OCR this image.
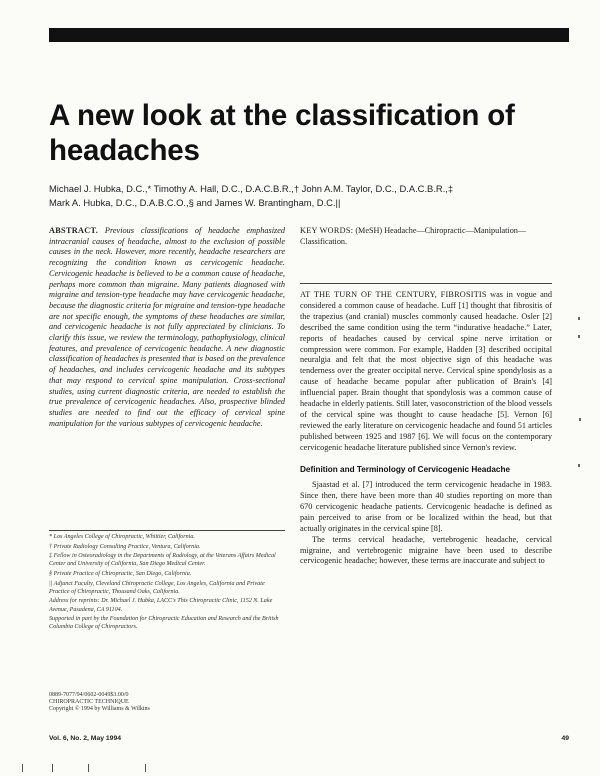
A new look at the classification of headaches
Michael J. Hubka, D.C.,* Timothy A. Hall, D.C., D.A.C.B.R.,† John A.M. Taylor, D.C., D.A.C.B.R.,‡
Mark A. Hubka, D.C., D.A.B.C.O.,§ and James W. Brantingham, D.C.||

ABSTRACT. Previous classifications of headache emphasized intracranial causes of headache, almost to the exclusion of possible causes in the neck. However, more recently, headache researchers are recognizing the condition known as cervicogenic headache. Cervicogenic headache is believed to be a common cause of headache, perhaps more common than migraine. Many patients diagnosed with migraine and tension-type headache may have cervicogenic headache, because the diagnostic criteria for migraine and tension-type headache are not specific enough, the symptoms of these headaches are similar, and cervicogenic headache is not fully appreciated by clinicians. To clarify this issue, we review the terminology, pathophysiology, clinical features, and prevalence of cervicogenic headache. A new diagnostic classification of headaches is presented that is based on the prevalence of headaches, and includes cervicogenic headache and its subtypes that may respond to cervical spine manipulation. Cross-sectional studies, using current diagnostic criteria, are needed to establish the true prevalence of cervicogenic headaches. Also, prospective blinded studies are needed to find out the efficacy of cervical spine manipulation for the various subtypes of cervicogenic headache.

* Los Angeles College of Chiropractic, Whittier, California.

† Private Radiology Consulting Practice, Ventura, California.

‡ Fellow in Osteoradiology in the Departments of Radiology, at the Veterans Affairs Medical Center and University of California, San Diego Medical Center.

§ Private Practice of Chiropractic, San Diego, California.

|| Adjunct Faculty, Cleveland Chiropractic College, Los Angeles, California and Private Practice of Chiropractic, Thousand Oaks, California.

Address for reprints: Dr. Michael J. Hubka, LACC's This Chiropractic Clinic, 1152 N. Lake Avenue, Pasadena, CA 91104.

Supported in part by the Foundation for Chiropractic Education and Research and the British Columbia College of Chiropractors.

0889-7077/94/0602-0049$3.00/0
CHIROPRACTIC TECHNIQUE
Copyright © 1994 by Williams & Wilkins

KEY WORDS: (MeSH) Headache—Chiropractic—Manipulation—Classification.

AT THE TURN OF THE CENTURY, FIBROSITIS was in vogue and considered a common cause of headache. Luff [1] thought that fibrositis of the trapezius (and cranial) muscles commonly caused headache. Osler [2] described the same condition using the term “indurative headache.” Later, reports of headaches caused by cervical spine nerve irritation or compression were common. For example, Hadden [3] described occipital neuralgia and felt that the most objective sign of this headache was tenderness over the greater occipital nerve. Cervical spine spondylosis as a cause of headache became popular after publication of Brain's [4] influencial paper. Brain thought that spondylosis was a common cause of headache in elderly patients. Still later, vasoconstriction of the blood vessels of the cervical spine was thought to cause headache [5]. Vernon [6] reviewed the early literature on cervicogenic headache and found 51 articles published between 1925 and 1987 [6]. We will focus on the contemporary cervicogenic headache literature published since Vernon's review.

Definition and Terminology of Cervicogenic Headache

Sjaastad et al. [7] introduced the term cervicogenic headache in 1983. Since then, there have been more than 40 studies reporting on more than 670 cervicogenic headache patients. Cervicogenic headache is defined as pain perceived to arise from or be localized within the head, but that actually originates in the cervical spine [8].

The terms cervical headache, vertebrogenic headache, cervical migraine, and vertebrogenic migraine have been used to describe cervicogenic headache; however, these terms are inaccurate and subject to

Vol. 6, No. 2, May 1994	49
